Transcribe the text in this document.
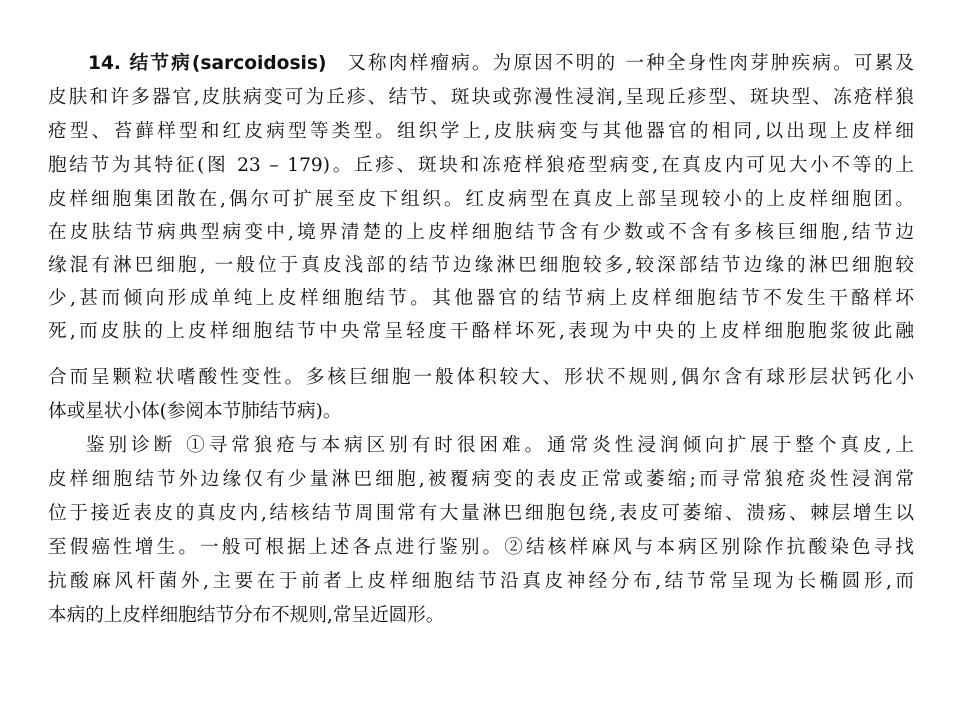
14. 结节病(sarcoidosis)  又称肉样瘤病。为原因不明的 一种全身性肉芽肿疾病。可累及
皮肤和许多器官,皮肤病变可为丘疹、结节、斑块或弥漫性浸润,呈现丘疹型、斑块型、冻疮样狼
疮型、苔藓样型和红皮病型等类型。组织学上,皮肤病变与其他器官的相同,以出现上皮样细
胞结节为其特征(图 23 – 179)。丘疹、斑块和冻疮样狼疮型病变,在真皮内可见大小不等的上
皮样细胞集团散在,偶尔可扩展至皮下组织。红皮病型在真皮上部呈现较小的上皮样细胞团。
在皮肤结节病典型病变中,境界清楚的上皮样细胞结节含有少数或不含有多核巨细胞,结节边
缘混有淋巴细胞, 一般位于真皮浅部的结节边缘淋巴细胞较多,较深部结节边缘的淋巴细胞较
少,甚而倾向形成单纯上皮样细胞结节。其他器官的结节病上皮样细胞结节不发生干酪样坏
死,而皮肤的上皮样细胞结节中央常呈轻度干酪样坏死,表现为中央的上皮样细胞胞浆彼此融
合而呈颗粒状嗜酸性变性。多核巨细胞一般体积较大、形状不规则,偶尔含有球形层状钙化小
体或星状小体(参阅本节肺结节病)。
鉴别诊断 ①寻常狼疮与本病区别有时很困难。通常炎性浸润倾向扩展于整个真皮,上
皮样细胞结节外边缘仅有少量淋巴细胞,被覆病变的表皮正常或萎缩;而寻常狼疮炎性浸润常
位于接近表皮的真皮内,结核结节周围常有大量淋巴细胞包绕,表皮可萎缩、溃疡、棘层增生以
至假癌性增生。一般可根据上述各点进行鉴别。②结核样麻风与本病区别除作抗酸染色寻找
抗酸麻风杆菌外,主要在于前者上皮样细胞结节沿真皮神经分布,结节常呈现为长椭圆形,而
本病的上皮样细胞结节分布不规则,常呈近圆形。
